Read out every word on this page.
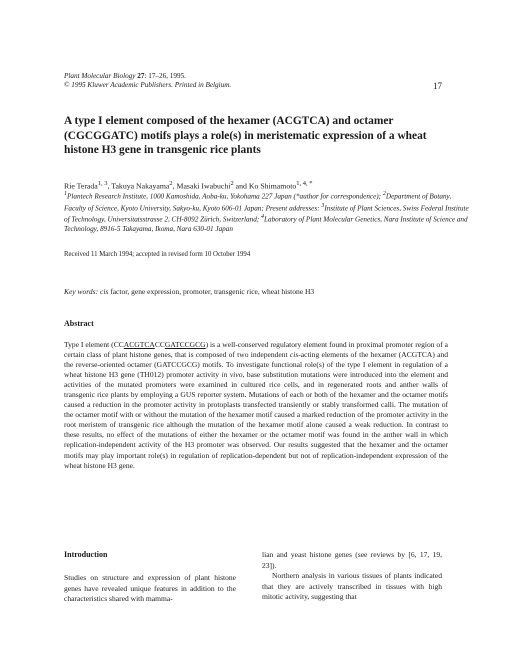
Plant Molecular Biology 27: 17–26, 1995.
© 1995 Kluwer Academic Publishers. Printed in Belgium.	17
A type I element composed of the hexamer (ACGTCA) and octamer (CGCGGATC) motifs plays a role(s) in meristematic expression of a wheat histone H3 gene in transgenic rice plants
Rie Terada$^{1, 3}$, Takuya Nakayama$^2$, Masaki Iwabuchi$^2$ and Ko Shimamoto$^{1, 4, *}$
$^1$Plantech Research Institute, 1000 Kamoshida, Aoba-ku, Yokohama 227 Japan (*author for correspondence); $^2$Department of Botany, Faculty of Science, Kyoto University, Sakyo-ku, Kyoto 606-01 Japan; Present addresses: $^3$Institute of Plant Sciences, Swiss Federal Institute of Technology, Universitatsstrasse 2, CH-8092 Zürich, Switzerland; $^4$Laboratory of Plant Molecular Genetics, Nara Institute of Science and Technology, 8916-5 Takayama, Ikoma, Nara 630-01 Japan
Received 11 March 1994; accepted in revised form 10 October 1994
Key words: cis factor, gene expression, promoter, transgenic rice, wheat histone H3
Abstract

Type I element (CCACGTCACCGATCCGCG) is a well-conserved regulatory element found in proximal promoter region of a certain class of plant histone genes, that is composed of two independent cis-acting elements of the hexamer (ACGTCA) and the reverse-oriented octamer (GATCCGCG) motifs. To investigate functional role(s) of the type I element in regulation of a wheat histone H3 gene (TH012) promoter activity in vivo, base substitution mutations were introduced into the element and activities of the mutated promoters were examined in cultured rice cells, and in regenerated roots and anther walls of transgenic rice plants by employing a GUS reporter system. Mutations of each or both of the hexamer and the octamer motifs caused a reduction in the promoter activity in protoplasts transfected transiently or stably transformed calli. The mutation of the octamer motif with or without the mutation of the hexamer motif caused a marked reduction of the promoter activity in the root meristem of transgenic rice although the mutation of the hexamer motif alone caused a weak reduction. In contrast to these results, no effect of the mutations of either the hexamer or the octamer motif was found in the anther wall in which replication-independent activity of the H3 promoter was observed. Our results suggested that the hexamer and the octamer motifs may play important role(s) in regulation of replication-dependent but not of replication-independent expression of the wheat histone H3 gene.

Introduction

Studies on structure and expression of plant histone genes have revealed unique features in addition to the characteristics shared with mamma-

lian and yeast histone genes (see reviews by [6, 17, 19, 23]).

Northern analysis in various tissues of plants indicated that they are actively transcribed in tissues with high mitotic activity, suggesting that
